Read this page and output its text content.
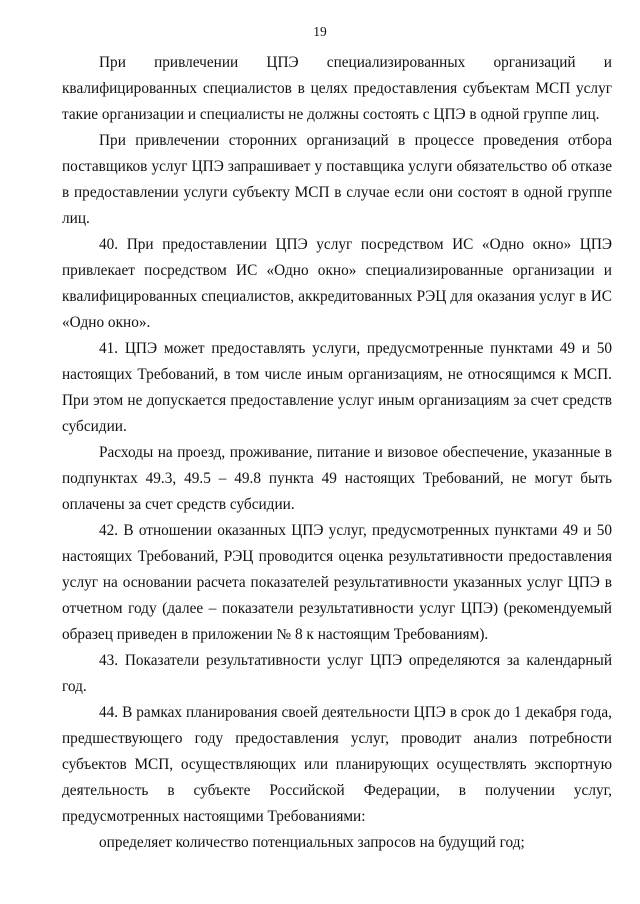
19

При привлечении ЦПЭ специализированных организаций и квалифицированных специалистов в целях предоставления субъектам МСП услуг такие организации и специалисты не должны состоять с ЦПЭ в одной группе лиц.

При привлечении сторонних организаций в процессе проведения отбора поставщиков услуг ЦПЭ запрашивает у поставщика услуги обязательство об отказе в предоставлении услуги субъекту МСП в случае если они состоят в одной группе лиц.

40. При предоставлении ЦПЭ услуг посредством ИС «Одно окно» ЦПЭ привлекает посредством ИС «Одно окно» специализированные организации и квалифицированных специалистов, аккредитованных РЭЦ для оказания услуг в ИС «Одно окно».

41. ЦПЭ может предоставлять услуги, предусмотренные пунктами 49 и 50 настоящих Требований, в том числе иным организациям, не относящимся к МСП. При этом не допускается предоставление услуг иным организациям за счет средств субсидии.

Расходы на проезд, проживание, питание и визовое обеспечение, указанные в подпунктах 49.3, 49.5 – 49.8 пункта 49 настоящих Требований, не могут быть оплачены за счет средств субсидии.

42. В отношении оказанных ЦПЭ услуг, предусмотренных пунктами 49 и 50 настоящих Требований, РЭЦ проводится оценка результативности предоставления услуг на основании расчета показателей результативности указанных услуг ЦПЭ в отчетном году (далее – показатели результативности услуг ЦПЭ) (рекомендуемый образец приведен в приложении № 8 к настоящим Требованиям).

43. Показатели результативности услуг ЦПЭ определяются за календарный год.

44. В рамках планирования своей деятельности ЦПЭ в срок до 1 декабря года, предшествующего году предоставления услуг, проводит анализ потребности субъектов МСП, осуществляющих или планирующих осуществлять экспортную деятельность в субъекте Российской Федерации, в получении услуг, предусмотренных настоящими Требованиями:

определяет количество потенциальных запросов на будущий год;
